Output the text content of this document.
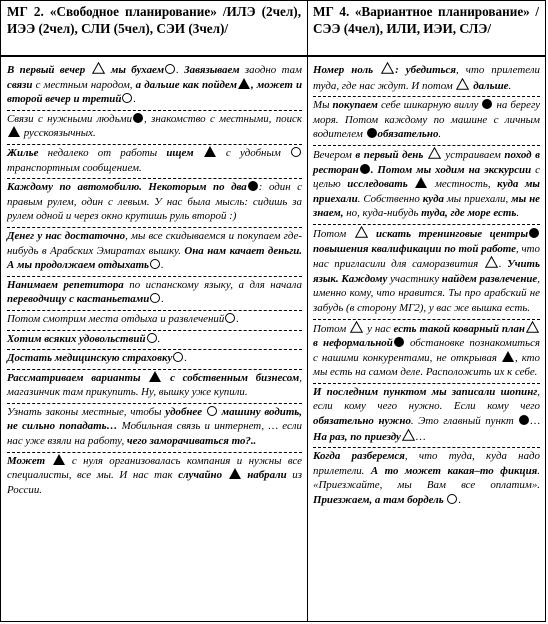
МГ 2. «Свободное планирование» /ИЛЭ (2чел), ИЭЭ (2чел), СЛИ (5чел), СЭИ (3чел)/
В первый вечер
мы бухаем . Завязываем заодно там связи с местным народом, а дальше как пойдем , может и второй вечер и третий .
Связи с нужными людьми , знакомство с местными, поиск  русскоязычных.
Жилье недалеко от работы ищем  с удобным транспортным сообщением.
Каждому по автомобилю. Некоторым по два : один с правым рулем, один с левым. У нас была мысль: сидишь за рулем одной и через окно крутишь руль второй :)
Денег у нас достаточно, мы все скидываемся и покупаем где-нибудь в Арабских Эмиратах вышку. Она нам качает деньги. А мы продолжаем отдыхать .
Нанимаем репетитора по испанскому языку, а для начала переводчицу с кастаньетами .
Потом смотрим места отдыха и развлечений .
Хотим всяких удовольствий .
Достать медицинскую страховку .
Рассматриваем варианты  с собственным бизнесом, магазинчик там прикупить. Ну, вышку уже купили.
Узнать законы местные, чтобы удобнее  машину водить, не сильно попадать… Мобильная связь и интернет, … если нас уже взяли на работу, чего заморачиваться то?..
Может  с нуля организовалась компания и нужны все специалисты, все мы. И нас так случайно  набрали из России.
МГ 4. «Вариантное планирование» /СЭЭ (4чел), ИЛИ, ИЭИ, СЛЭ/
Номер ноль
: убедиться, что прилетели туда, где нас ждут. И потом
дальше.
Мы покупаем себе шикарную виллу  на берегу моря. Потом каждому по машине с личным водителем обязательно.
Вечером в первый день
устраиваем поход в ресторан . Потом мы ходим на экскурсии с целью исследовать  местность, куда мы приехали. Собственно куда мы приехали, мы не знаем, но, куда-нибудь туда, где море есть.
Потом
искать тренинговые центры повышения квалификации по той работе, что нас пригласили для самоpазвития
. Учить язык. Каждому участнику найдем развлечение, именно кому, что нравится. Ты про арабский не забудь (в сторону МГ2), у вас же вышка есть.
Потом
у нас есть такой коварный план
в неформальной обстановке познакомиться с нашими конкурентами, не открывая , кто мы есть на самом деле. Расположить их к себе.
И последним пунктом мы записали шопинг, если кому чего нужно. Если кому чего обязательно нужно. Это главный пункт … На раз, по приезду …
Когда разберемся, что туда, куда надо прилетели. А то может какая–то фикция. «Приезжайте, мы Вам все оплатим». Приезжаем, а там бордель .
